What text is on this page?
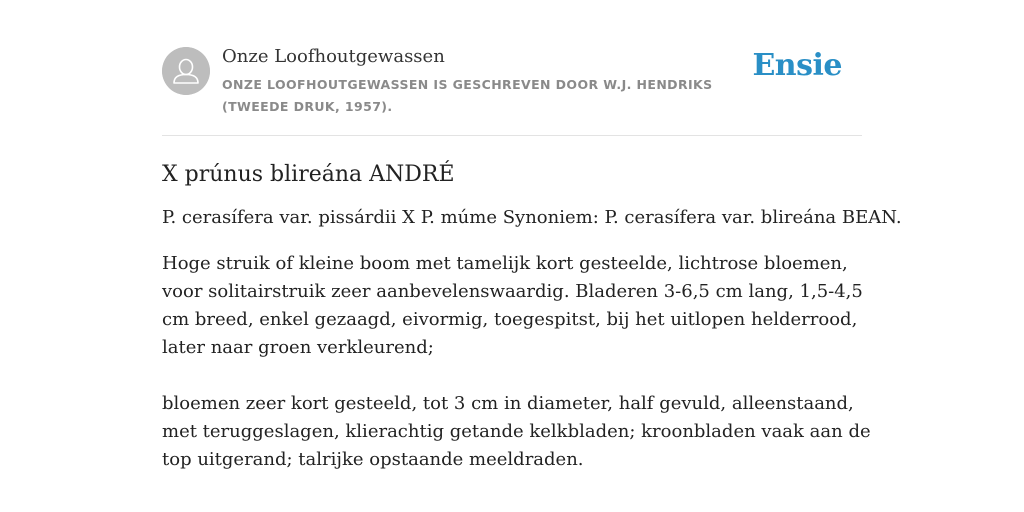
Onze Loofhoutgewassen
ONZE LOOFHOUTGEWASSEN IS GESCHREVEN DOOR W.J. HENDRIKS (TWEEDE DRUK, 1957).
Ensie
X prúnus blireána ANDRÉ

P. cerasífera var. pissárdii X P. múme Synoniem: P. cerasífera var. blireána BEAN.

Hoge struik of kleine boom met tamelijk kort gesteelde, lichtrose bloemen, voor solitairstruik zeer aanbevelenswaardig. Bladeren 3-6,5 cm lang, 1,5-4,5 cm breed, enkel gezaagd, eivormig, toegespitst, bij het uitlopen helderrood, later naar groen verkleurend;

bloemen zeer kort gesteeld, tot 3 cm in diameter, half gevuld, alleenstaand, met teruggeslagen, klierachtig getande kelkbladen; kroonbladen vaak aan de top uitgerand; talrijke opstaande meeldraden.
